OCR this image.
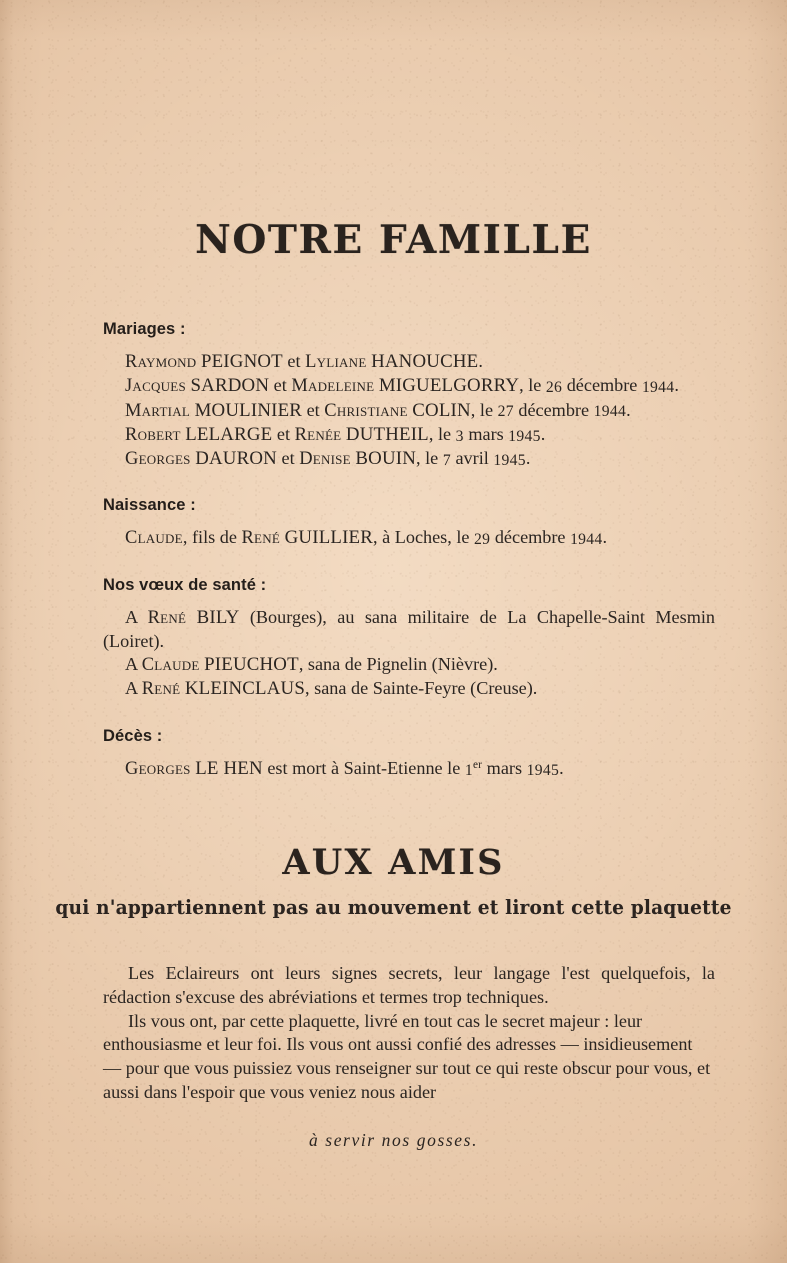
NOTRE FAMILLE
Mariages :
Raymond PEIGNOT et Lyliane HANOUCHE.
Jacques SARDON et Madeleine MIGUELGORRY, le 26 décembre 1944.
Martial MOULINIER et Christiane COLIN, le 27 décembre 1944.
Robert LELARGE et Renée DUTHEIL, le 3 mars 1945.
Georges DAURON et Denise BOUIN, le 7 avril 1945.
Naissance :
Claude, fils de René GUILLIER, à Loches, le 29 décembre 1944.
Nos vœux de santé :
A René BILY (Bourges), au sana militaire de La Chapelle-Saint Mesmin (Loiret).
A Claude PIEUCHOT, sana de Pignelin (Nièvre).
A René KLEINCLAUS, sana de Sainte-Feyre (Creuse).
Décès :
Georges LE HEN est mort à Saint-Etienne le 1er mars 1945.
AUX AMIS

qui n'appartiennent pas au mouvement et liront cette plaquette

Les Eclaireurs ont leurs signes secrets, leur langage l'est quelquefois, la rédaction s'excuse des abréviations et termes trop techniques.

Ils vous ont, par cette plaquette, livré en tout cas le secret majeur : leur enthousiasme et leur foi. Ils vous ont aussi confié des adresses — insidieusement — pour que vous puissiez vous renseigner sur tout ce qui reste obscur pour vous, et aussi dans l'espoir que vous veniez nous aider

à servir nos gosses.
